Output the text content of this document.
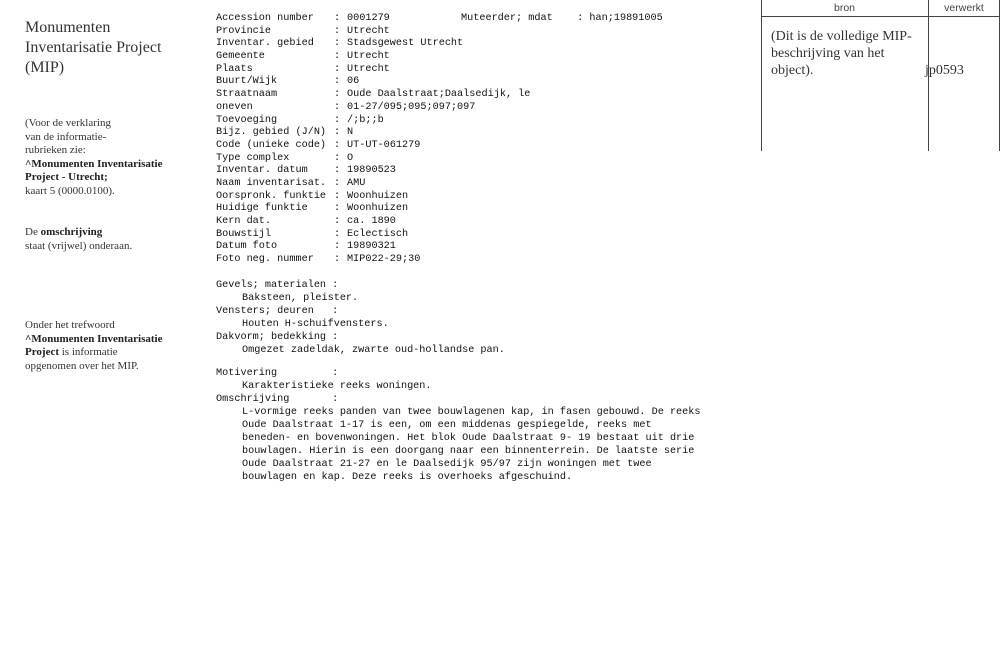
Monumenten Inventarisatie Project (MIP)
(Voor de verklaring
van de informatie-
rubrieken zie:
^Monumenten Inventarisatie
Project - Utrecht;
kaart 5 (0000.0100).
De omschrijving
staat (vrijwel) onderaan.
Onder het trefwoord
^Monumenten Inventarisatie
Project is informatie
opgenomen over het MIP.
Muteerder; mdat    : han;19891005
Accession number	: 0001279
Provincie	: Utrecht
Inventar. gebied	: Stadsgewest Utrecht
Gemeente	: Utrecht
Plaats	: Utrecht
Buurt/Wijk	: 06
Straatnaam	: Oude Daalstraat;Daalsedijk, le
oneven	: 01-27/095;095;097;097
Toevoeging	: /;b;;b
Bijz. gebied (J/N) : N
Code (unieke code) : UT-UT-061279
Type complex	: O
Inventar. datum	: 19890523
Naam inventarisat. : AMU
Oorspronk. funktie : Woonhuizen
Huidige funktie	: Woonhuizen
Kern dat.	: ca. 1890
Bouwstijl	: Eclectisch
Datum foto	: 19890321
Foto neg. nummer	: MIP022-29;30
Gevels; materialen :
Baksteen, pleister.
Vensters; deuren   :
Houten H-schuifvensters.
Dakvorm; bedekking :
Omgezet zadeldak, zwarte oud-hollandse pan.
Motivering         :
Karakteristieke reeks woningen.
Omschrijving       :
L-vormige reeks panden van twee bouwlagenen kap, in fasen gebouwd. De reeks
Oude Daalstraat 1-17 is een, om een middenas gespiegelde, reeks met
beneden- en bovenwoningen. Het blok Oude Daalstraat 9- 19 bestaat uit drie
bouwlagen. Hierin is een doorgang naar een binnenterrein. De laatste serie
Oude Daalstraat 21-27 en le Daalsedijk 95/97 zijn woningen met twee
bouwlagen en kap. Deze reeks is overhoeks afgeschuind.
bron	verwerkt
(Dit is de volledige MIP-beschrijving van het object).	jp0593
